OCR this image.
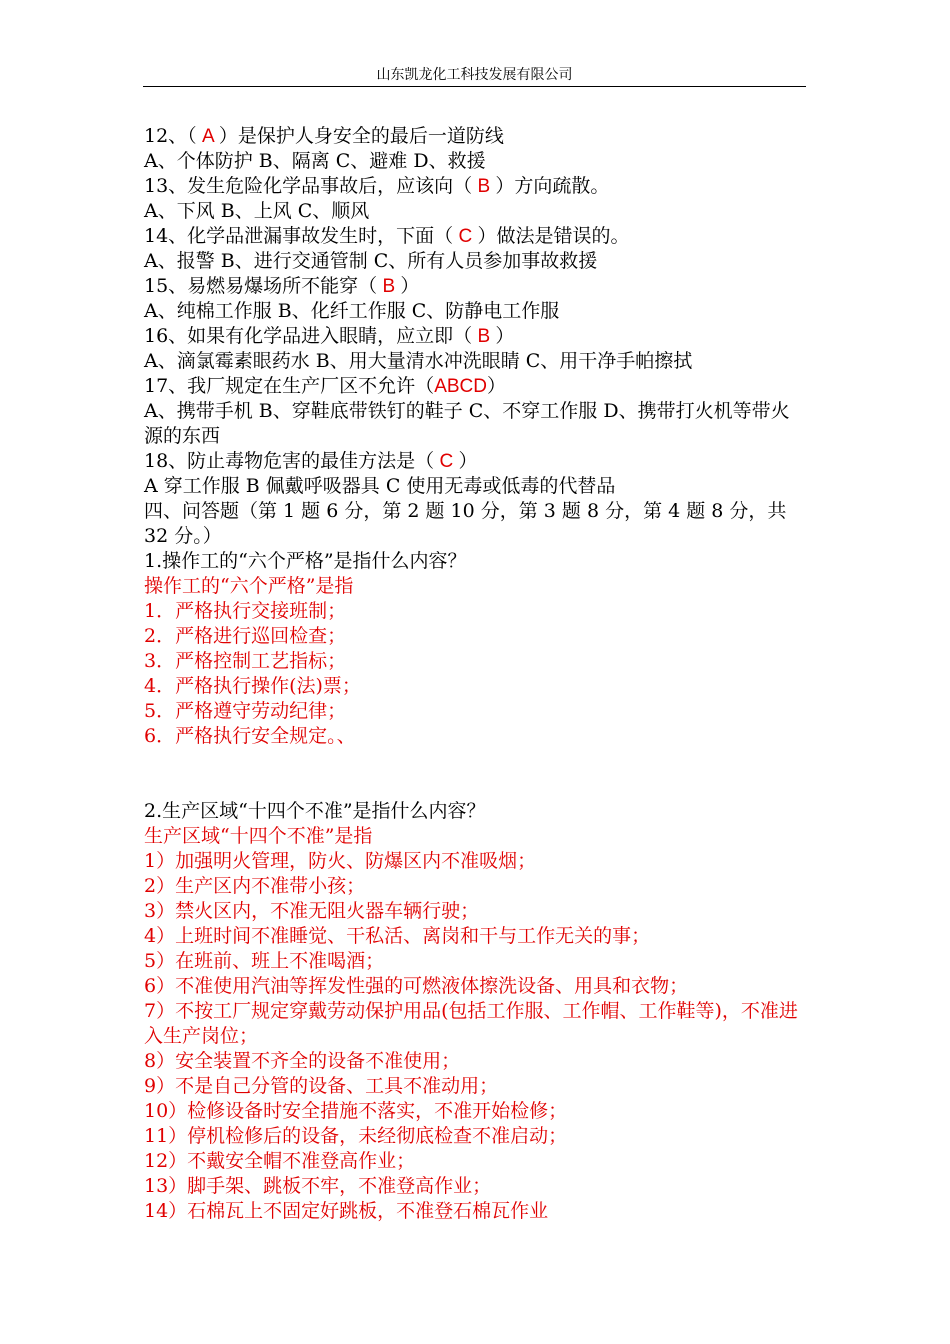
山东凯龙化工科技发展有限公司
12、（ A ）是保护人身安全的最后一道防线
A、个体防护 B、隔离 C、避难 D、救援
13、发生危险化学品事故后，应该向（ B ）方向疏散。
A、下风 B、上风 C、顺风
14、化学品泄漏事故发生时，下面（ C ）做法是错误的。
A、报警 B、进行交通管制 C、所有人员参加事故救援
15、易燃易爆场所不能穿（ B ）
A、纯棉工作服 B、化纤工作服 C、防静电工作服
16、如果有化学品进入眼睛，应立即（ B ）
A、滴氯霉素眼药水 B、用大量清水冲洗眼睛 C、用干净手帕擦拭
17、我厂规定在生产厂区不允许（ABCD）
A、携带手机 B、穿鞋底带铁钉的鞋子 C、不穿工作服 D、携带打火机等带火源的东西
18、防止毒物危害的最佳方法是（ C ）
A 穿工作服 B 佩戴呼吸器具 C 使用无毒或低毒的代替品
四、问答题（第 1 题 6 分，第 2 题 10 分，第 3 题 8 分，第 4 题 8 分，共 32 分。）
1.操作工的“六个严格”是指什么内容？
操作工的“六个严格”是指
1．严格执行交接班制；
2．严格进行巡回检查；
3．严格控制工艺指标；
4．严格执行操作(法)票；
5．严格遵守劳动纪律；
6．严格执行安全规定。、
2.生产区域“十四个不准”是指什么内容？
生产区域“十四个不准”是指
1）加强明火管理，防火、防爆区内不准吸烟；
2）生产区内不准带小孩；
3）禁火区内，不准无阻火器车辆行驶；
4）上班时间不准睡觉、干私活、离岗和干与工作无关的事；
5）在班前、班上不准喝酒；
6）不准使用汽油等挥发性强的可燃液体擦洗设备、用具和衣物；
7）不按工厂规定穿戴劳动保护用品(包括工作服、工作帽、工作鞋等)，不准进入生产岗位；
8）安全装置不齐全的设备不准使用；
9）不是自己分管的设备、工具不准动用；
10）检修设备时安全措施不落实，不准开始检修；
11）停机检修后的设备，未经彻底检查不准启动；
12）不戴安全帽不准登高作业；
13）脚手架、跳板不牢，不准登高作业；
14）石棉瓦上不固定好跳板，不准登石棉瓦作业
